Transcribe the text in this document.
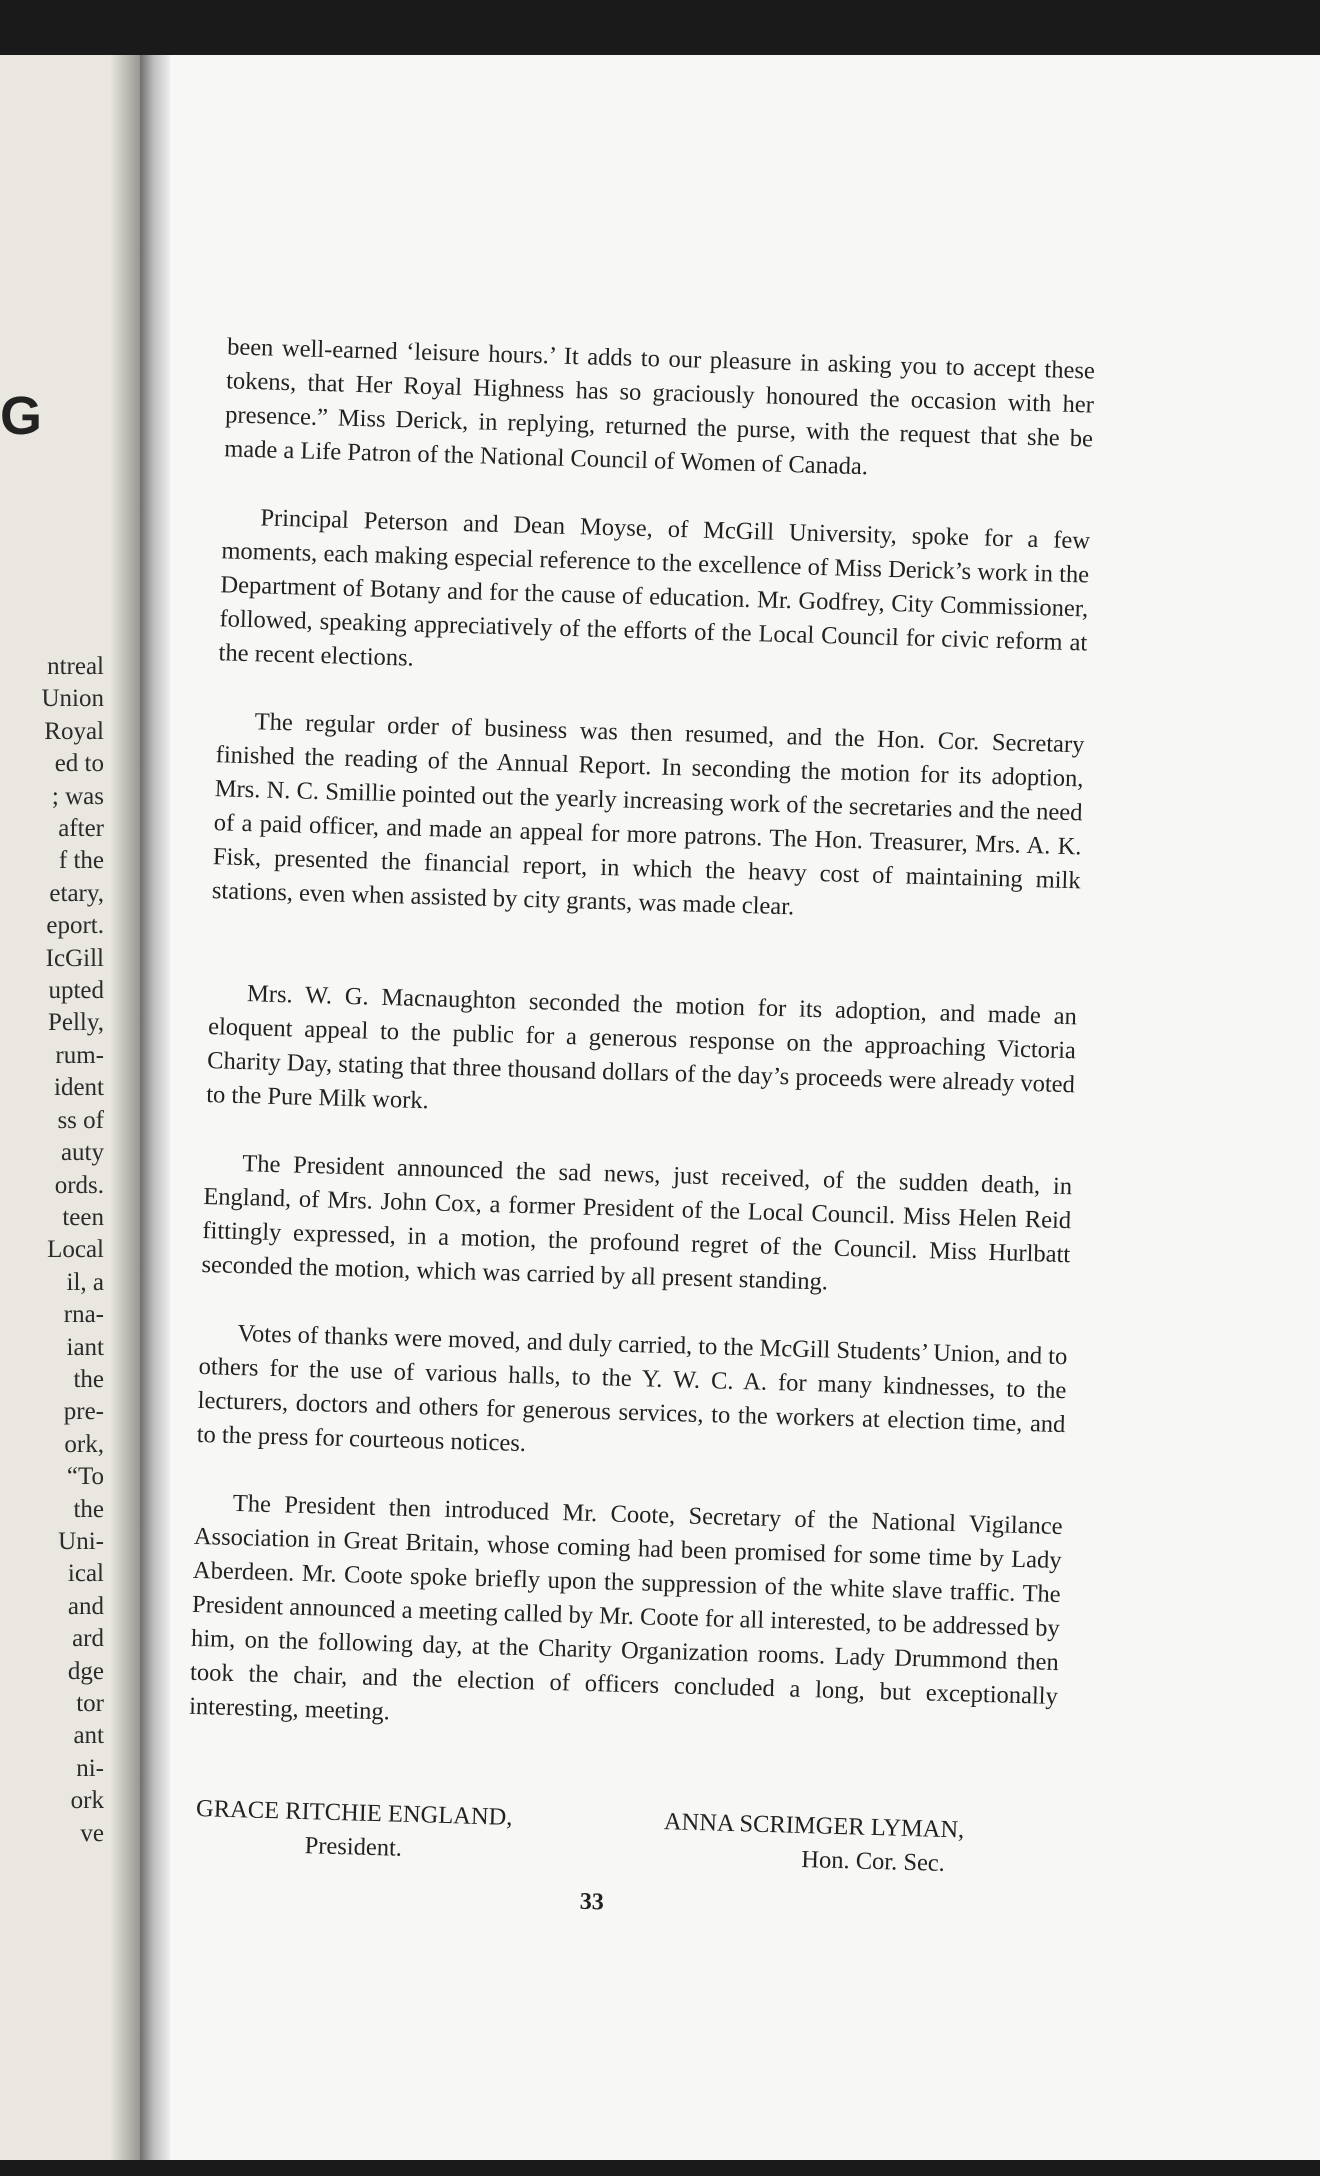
G
ntreal
Union
Royal
ed to
; was
after
f the
etary,
eport.
IcGill
upted
Pelly,
rum-
ident
ss of
auty
ords.
teen
Local
il, a
rna-
iant
the
pre-
ork,
“To
the
Uni-
ical
and
ard
dge
tor
ant
ni-
ork
ve

been well-earned ‘leisure hours.’ It adds to our pleasure in asking you to accept these tokens, that Her Royal Highness has so graciously honoured the occasion with her presence.” Miss Derick, in replying, returned the purse, with the request that she be made a Life Patron of the National Council of Women of Canada.

Principal Peterson and Dean Moyse, of McGill University, spoke for a few moments, each making especial reference to the excellence of Miss Derick’s work in the Department of Botany and for the cause of education. Mr. Godfrey, City Commissioner, followed, speaking appreciatively of the efforts of the Local Council for civic reform at the recent elections.

The regular order of business was then resumed, and the Hon. Cor. Secretary finished the reading of the Annual Report. In seconding the motion for its adoption, Mrs. N. C. Smillie pointed out the yearly increasing work of the secretaries and the need of a paid officer, and made an appeal for more patrons. The Hon. Treasurer, Mrs. A. K. Fisk, presented the financial report, in which the heavy cost of maintaining milk stations, even when assisted by city grants, was made clear.

Mrs. W. G. Macnaughton seconded the motion for its adoption, and made an eloquent appeal to the public for a generous response on the approaching Victoria Charity Day, stating that three thousand dollars of the day’s proceeds were already voted to the Pure Milk work.

The President announced the sad news, just received, of the sudden death, in England, of Mrs. John Cox, a former President of the Local Council. Miss Helen Reid fittingly expressed, in a motion, the profound regret of the Council. Miss Hurlbatt seconded the motion, which was carried by all present standing.

Votes of thanks were moved, and duly carried, to the McGill Students’ Union, and to others for the use of various halls, to the Y. W. C. A. for many kindnesses, to the lecturers, doctors and others for generous services, to the workers at election time, and to the press for courteous notices.

The President then introduced Mr. Coote, Secretary of the National Vigilance Association in Great Britain, whose coming had been promised for some time by Lady Aberdeen. Mr. Coote spoke briefly upon the suppression of the white slave traffic. The President announced a meeting called by Mr. Coote for all interested, to be addressed by him, on the following day, at the Charity Organization rooms. Lady Drummond then took the chair, and the election of officers concluded a long, but exceptionally interesting, meeting.

GRACE RITCHIE ENGLAND,
President.
ANNA SCRIMGER LYMAN,
Hon. Cor. Sec.
33
